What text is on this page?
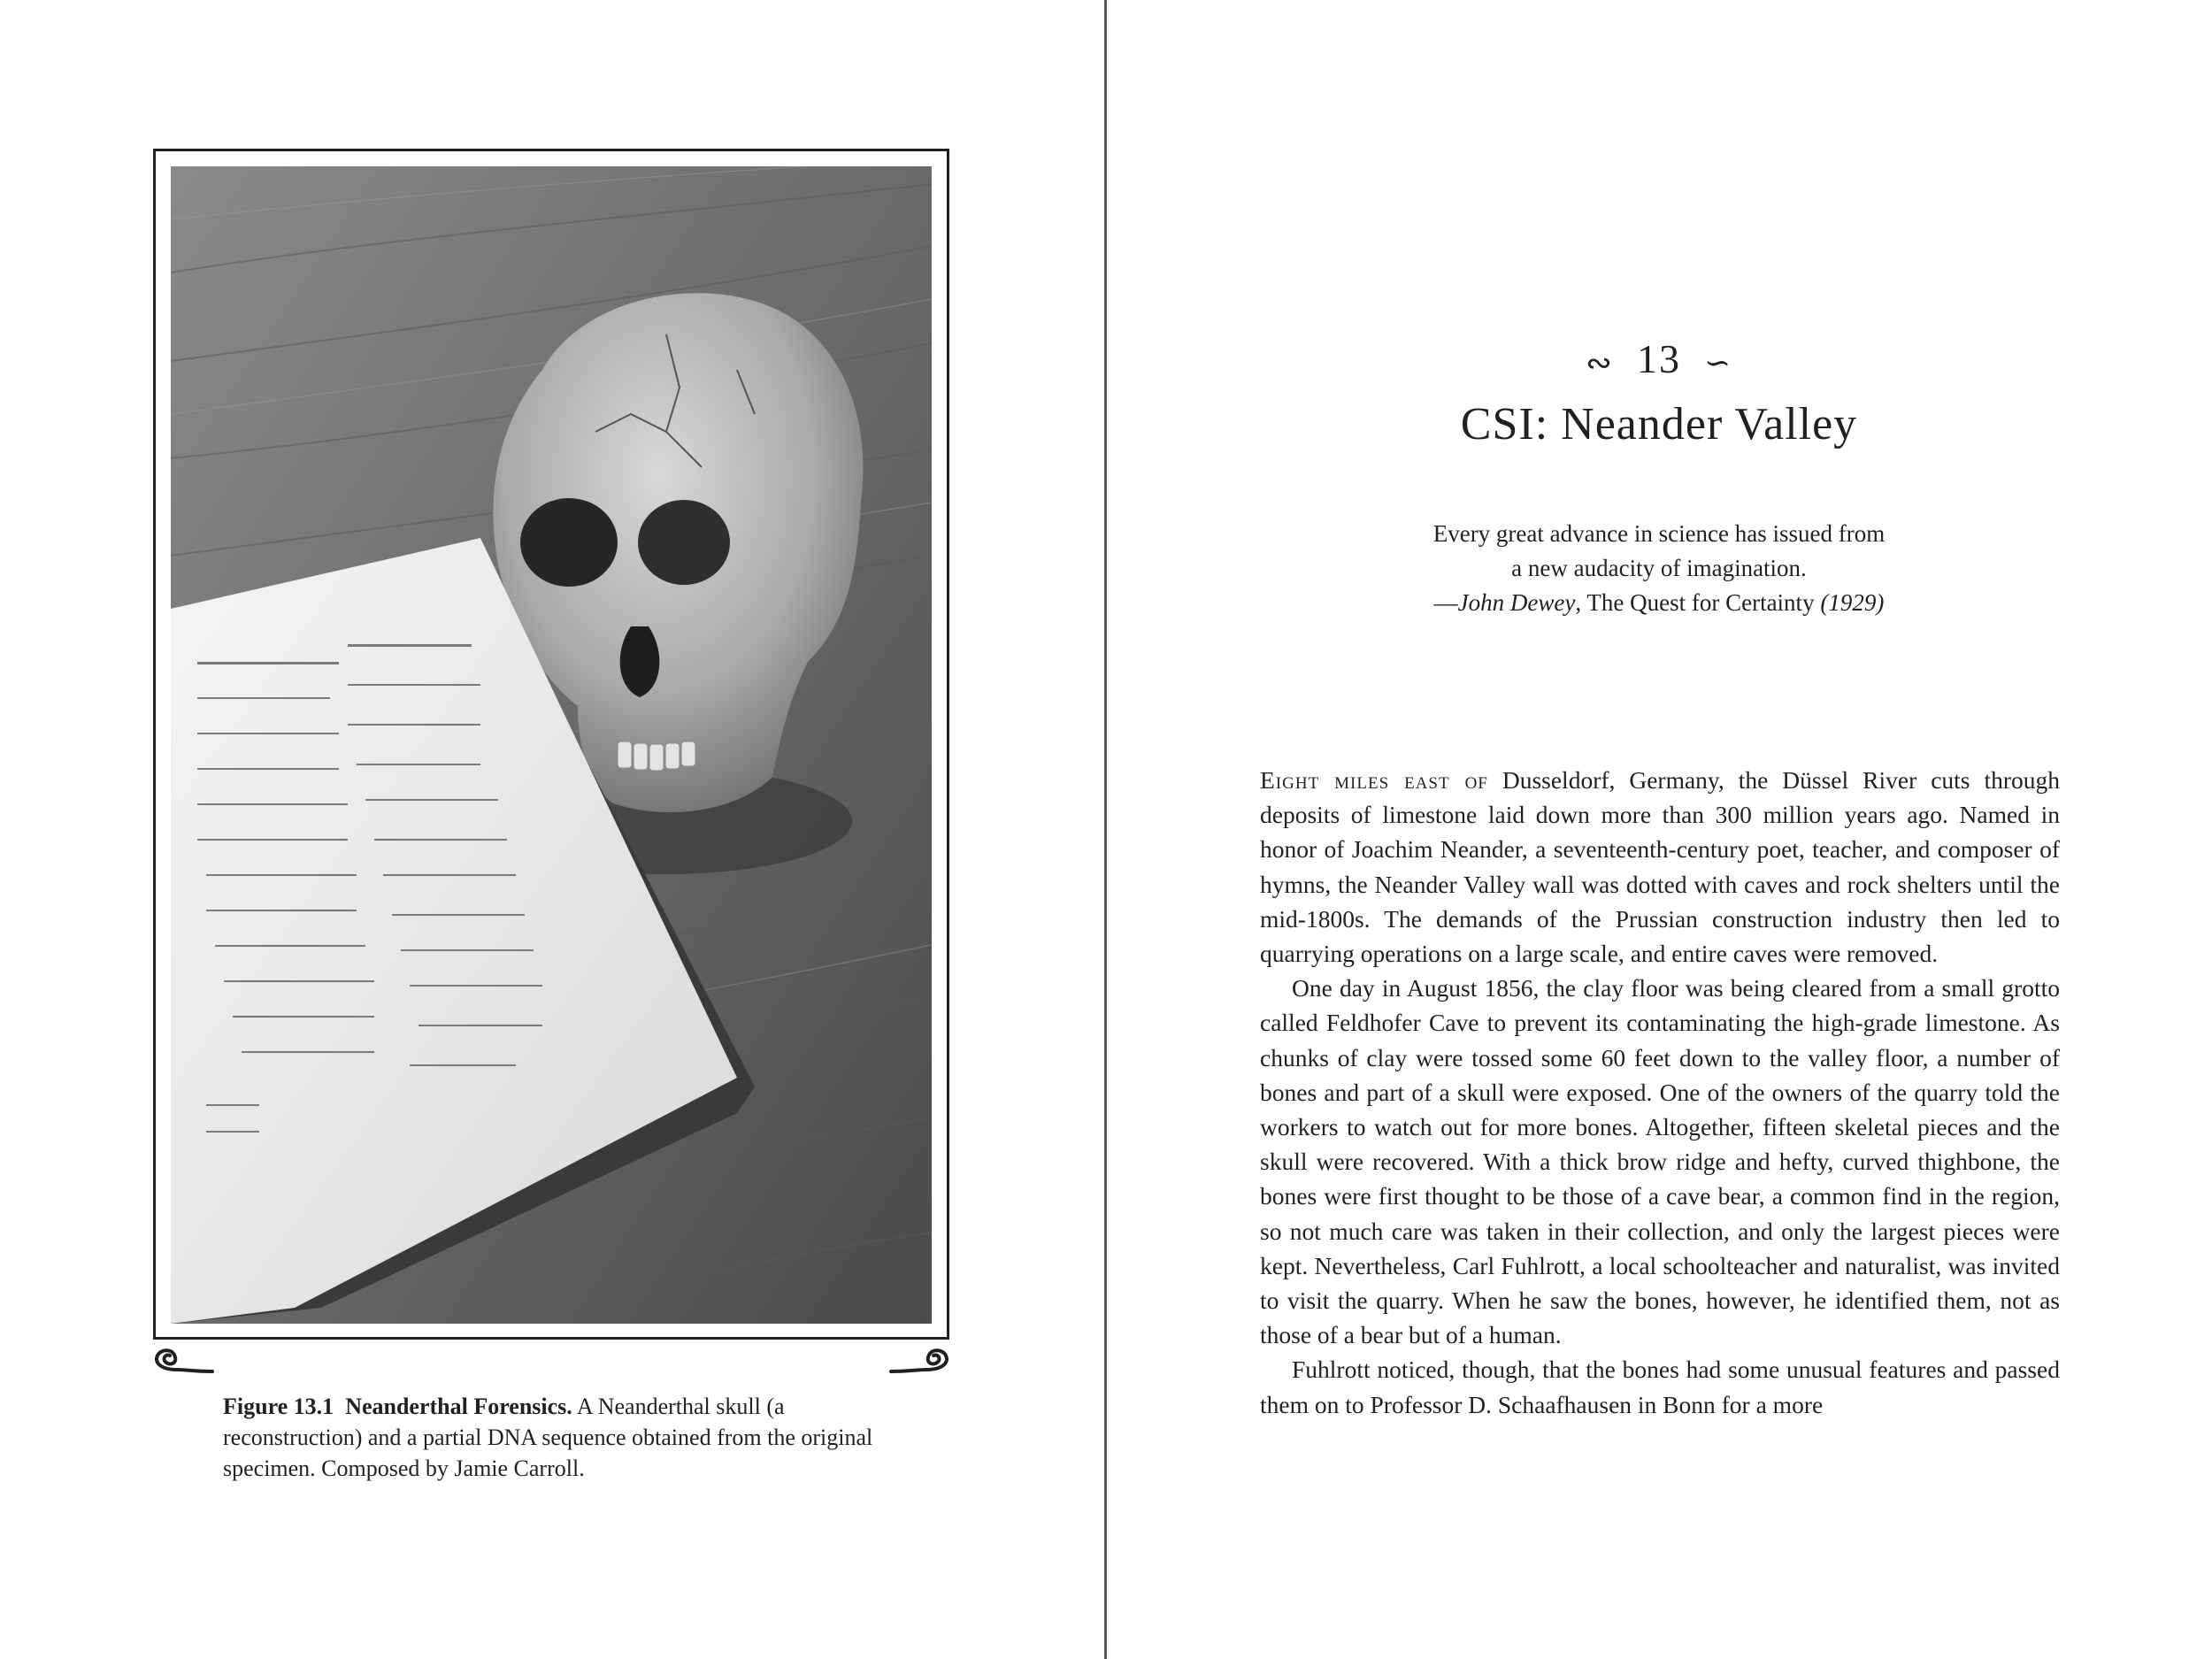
Figure 13.1 Neanderthal Forensics. A Neanderthal skull (a reconstruction) and a partial DNA sequence obtained from the original specimen. Composed by Jamie Carroll.
∾ 13 ∽
CSI: Neander Valley
Every great advance in science has issued from
a new audacity of imagination.
—John Dewey, The Quest for Certainty (1929)

Eight miles east of Dusseldorf, Germany, the Düssel River cuts through deposits of limestone laid down more than 300 million years ago. Named in honor of Joachim Neander, a seventeenth-century poet, teacher, and composer of hymns, the Neander Valley wall was dotted with caves and rock shelters until the mid-1800s. The demands of the Prussian construction industry then led to quarrying operations on a large scale, and entire caves were removed.

One day in August 1856, the clay floor was being cleared from a small grotto called Feldhofer Cave to prevent its contaminating the high-grade limestone. As chunks of clay were tossed some 60 feet down to the valley floor, a number of bones and part of a skull were exposed. One of the owners of the quarry told the workers to watch out for more bones. Altogether, fifteen skeletal pieces and the skull were recovered. With a thick brow ridge and hefty, curved thighbone, the bones were first thought to be those of a cave bear, a common find in the region, so not much care was taken in their collection, and only the largest pieces were kept. Nevertheless, Carl Fuhlrott, a local schoolteacher and naturalist, was invited to visit the quarry. When he saw the bones, however, he identified them, not as those of a bear but of a human.

Fuhlrott noticed, though, that the bones had some unusual features and passed them on to Professor D. Schaafhausen in Bonn for a more
